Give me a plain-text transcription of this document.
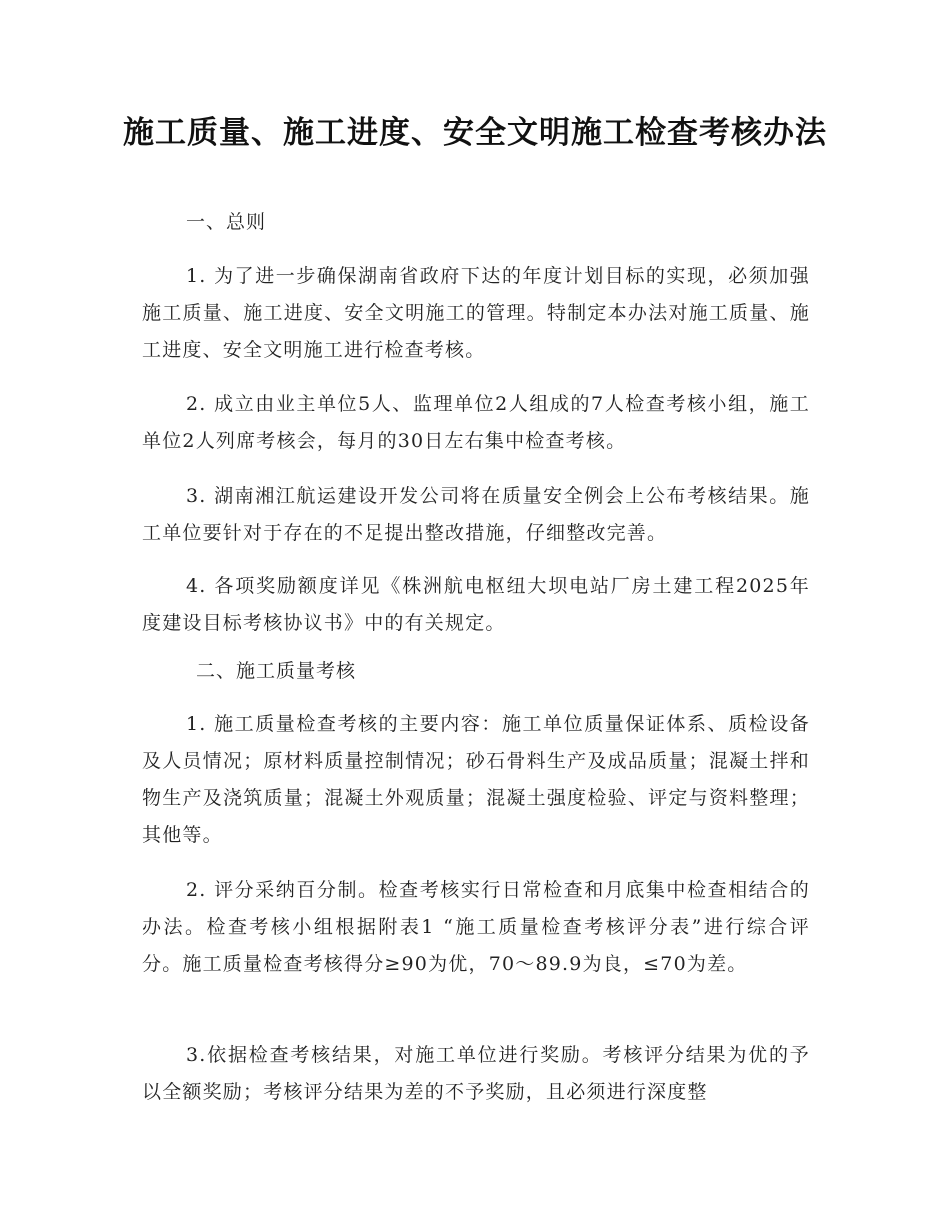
施工质量、施工进度、安全文明施工检查考核办法
一、总则

1. 为了进一步确保湖南省政府下达的年度计划目标的实现，必须加强施工质量、施工进度、安全文明施工的管理。特制定本办法对施工质量、施工进度、安全文明施工进行检查考核。

2. 成立由业主单位5人、监理单位2人组成的7人检查考核小组，施工单位2人列席考核会，每月的30日左右集中检查考核。

3. 湖南湘江航运建设开发公司将在质量安全例会上公布考核结果。施工单位要针对于存在的不足提出整改措施，仔细整改完善。

4. 各项奖励额度详见《株洲航电枢纽大坝电站厂房土建工程2025年度建设目标考核协议书》中的有关规定。

二、施工质量考核

1. 施工质量检查考核的主要内容：施工单位质量保证体系、质检设备及人员情况；原材料质量控制情况；砂石骨料生产及成品质量；混凝土拌和物生产及浇筑质量；混凝土外观质量；混凝土强度检验、评定与资料整理；其他等。

2. 评分采纳百分制。检查考核实行日常检查和月底集中检查相结合的办法。检查考核小组根据附表1 “施工质量检查考核评分表”进行综合评分。施工质量检查考核得分≥90为优，70～89.9为良，≤70为差。

3.依据检查考核结果，对施工单位进行奖励。考核评分结果为优的予以全额奖励；考核评分结果为差的不予奖励，且必须进行深度整
